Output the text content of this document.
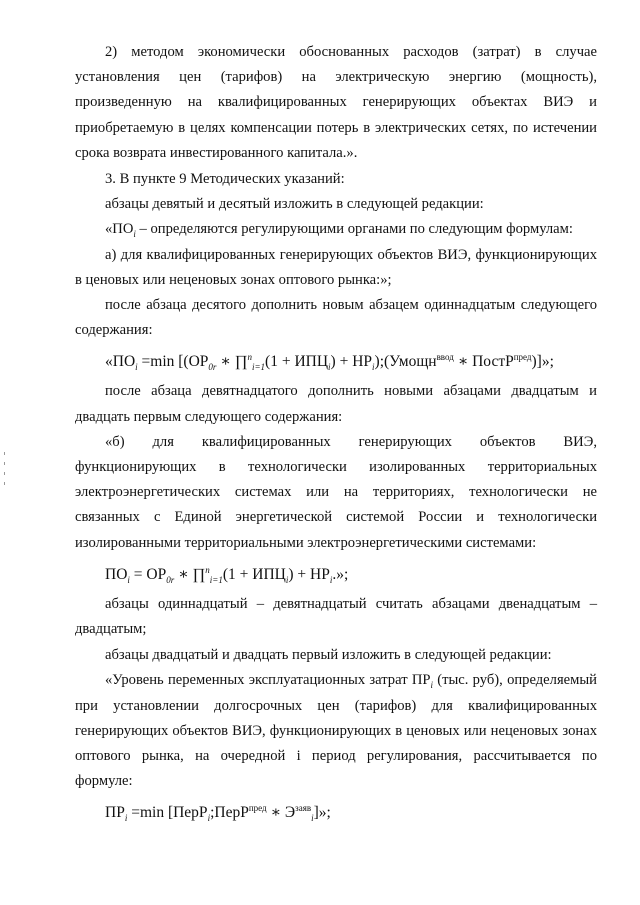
2) методом экономически обоснованных расходов (затрат) в случае установления цен (тарифов) на электрическую энергию (мощность), произведенную на квалифицированных генерирующих объектах ВИЭ и приобретаемую в целях компенсации потерь в электрических сетях, по истечении срока возврата инвестированного капитала.».

3. В пункте 9 Методических указаний:

абзацы девятый и десятый изложить в следующей редакции:

«$ПО_i$ – определяются регулирующими органами по следующим формулам:

а) для квалифицированных генерирующих объектов ВИЭ, функционирующих в ценовых или неценовых зонах оптового рынка:»;

после абзаца десятого дополнить новым абзацем одиннадцатым следующего содержания:

«$ПО_i =\min$ [($ОР_{0r}$ ∗ ∏$^n_{i=1}$(1 + $ИПЦ_i$) + $НР_i);(Умощн^{ввод}$ ∗ ПостР$^{пред}$)]»;

после абзаца девятнадцатого дополнить новыми абзацами двадцатым и двадцать первым следующего содержания:

«б) для квалифицированных генерирующих объектов ВИЭ, функционирующих в технологически изолированных территориальных электроэнергетических системах или на территориях, технологически не связанных с Единой энергетической системой России и технологически изолированными территориальными электроэнергетическими системами:

$ПО_i = ОР_{0r}$ ∗ ∏$^n_{i=1}$(1 + $ИПЦ_i) + НР_i$.»;

абзацы одиннадцатый – девятнадцатый считать абзацами двенадцатым – двадцатым;

абзацы двадцатый и двадцать первый изложить в следующей редакции:

«Уровень переменных эксплуатационных затрат $ПР_i$ (тыс. руб), определяемый при установлении долгосрочных цен (тарифов) для квалифицированных генерирующих объектов ВИЭ, функционирующих в ценовых или неценовых зонах оптового рынка, на очередной i период регулирования, рассчитывается по формуле:

$ПР_i =\min$ [ПерР$_i$;ПерР$^{пред}$ ∗ $Э^{заяв}_i$]»;
